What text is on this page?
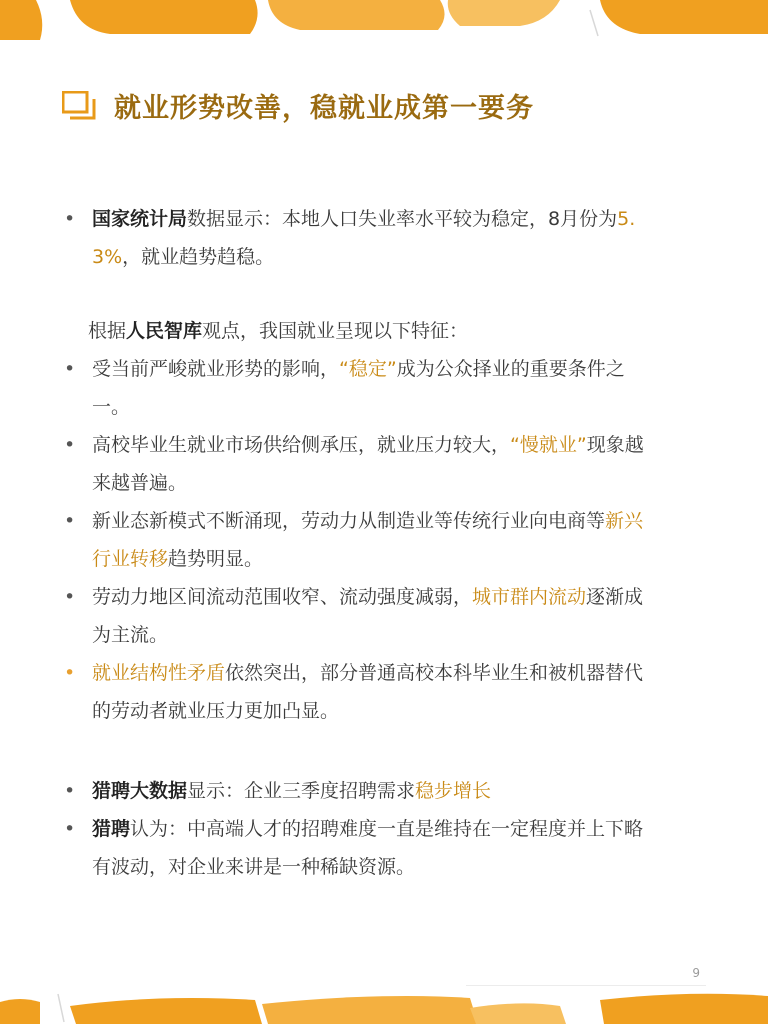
就业形势改善，稳就业成第一要务
• 国家统计局数据显示：本地人口失业率水平较为稳定，8月份为5. 3%，就业趋势趋稳。
根据人民智库观点，我国就业呈现以下特征：
• 受当前严峻就业形势的影响，“稳定”成为公众择业的重要条件之一。
• 高校毕业生就业市场供给侧承压，就业压力较大，“慢就业”现象越来越普遍。
• 新业态新模式不断涌现，劳动力从制造业等传统行业向电商等新兴行业转移趋势明显。
• 劳动力地区间流动范围收窄、流动强度减弱，城市群内流动逐渐成为主流。
• 就业结构性矛盾依然突出，部分普通高校本科毕业生和被机器替代的劳动者就业压力更加凸显。
• 猎聘大数据显示：企业三季度招聘需求稳步增长
• 猎聘认为：中高端人才的招聘难度一直是维持在一定程度并上下略有波动，对企业来讲是一种稀缺资源。
9
